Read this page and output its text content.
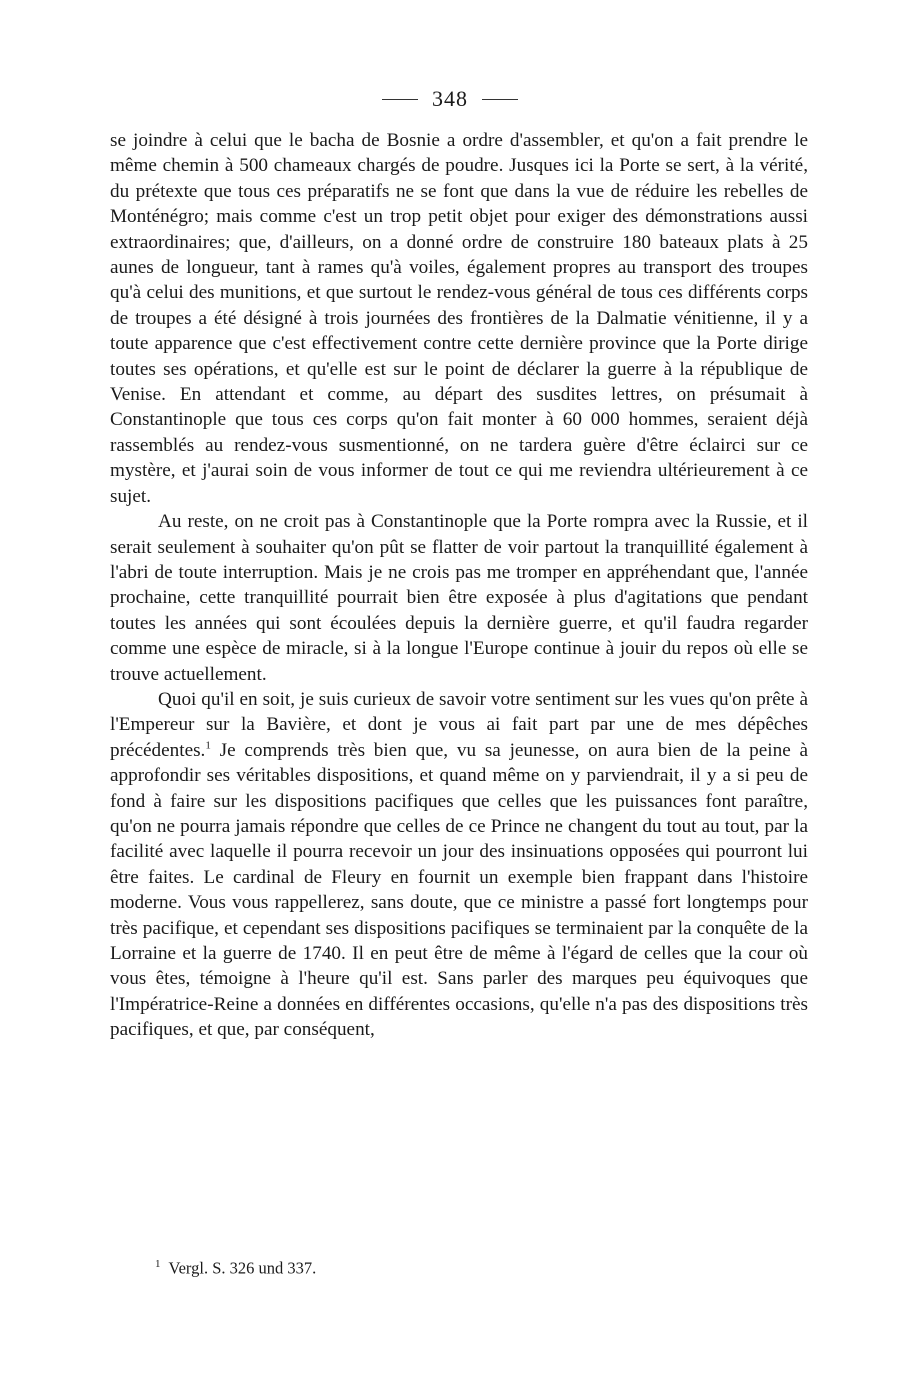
348

se joindre à celui que le bacha de Bosnie a ordre d'assembler, et qu'on a fait prendre le même chemin à 500 chameaux chargés de poudre. Jusques ici la Porte se sert, à la vérité, du prétexte que tous ces préparatifs ne se font que dans la vue de réduire les rebelles de Monténégro; mais comme c'est un trop petit objet pour exiger des démonstrations aussi extraordinaires; que, d'ailleurs, on a donné ordre de construire 180 bateaux plats à 25 aunes de longueur, tant à rames qu'à voiles, également propres au transport des troupes qu'à celui des munitions, et que surtout le rendez-vous général de tous ces différents corps de troupes a été désigné à trois journées des frontières de la Dalmatie vénitienne, il y a toute apparence que c'est effectivement contre cette dernière province que la Porte dirige toutes ses opérations, et qu'elle est sur le point de déclarer la guerre à la république de Venise. En attendant et comme, au départ des susdites lettres, on présumait à Constantinople que tous ces corps qu'on fait monter à 60 000 hommes, seraient déjà rassemblés au rendez-vous susmentionné, on ne tardera guère d'être éclairci sur ce mystère, et j'aurai soin de vous informer de tout ce qui me reviendra ultérieurement à ce sujet.

Au reste, on ne croit pas à Constantinople que la Porte rompra avec la Russie, et il serait seulement à souhaiter qu'on pût se flatter de voir partout la tranquillité également à l'abri de toute interruption. Mais je ne crois pas me tromper en appréhendant que, l'année prochaine, cette tranquillité pourrait bien être exposée à plus d'agitations que pendant toutes les années qui sont écoulées depuis la dernière guerre, et qu'il faudra regarder comme une espèce de miracle, si à la longue l'Europe continue à jouir du repos où elle se trouve actuellement.

Quoi qu'il en soit, je suis curieux de savoir votre sentiment sur les vues qu'on prête à l'Empereur sur la Bavière, et dont je vous ai fait part par une de mes dépêches précédentes.$^1$ Je comprends très bien que, vu sa jeunesse, on aura bien de la peine à approfondir ses véritables dispositions, et quand même on y parviendrait, il y a si peu de fond à faire sur les dispositions pacifiques que celles que les puissances font paraître, qu'on ne pourra jamais répondre que celles de ce Prince ne changent du tout au tout, par la facilité avec laquelle il pourra recevoir un jour des insinuations opposées qui pourront lui être faites. Le cardinal de Fleury en fournit un exemple bien frappant dans l'histoire moderne. Vous vous rappellerez, sans doute, que ce ministre a passé fort longtemps pour très pacifique, et cependant ses dispositions pacifiques se terminaient par la conquête de la Lorraine et la guerre de 1740. Il en peut être de même à l'égard de celles que la cour où vous êtes, témoigne à l'heure qu'il est. Sans parler des marques peu équivoques que l'Impératrice-Reine a données en différentes occasions, qu'elle n'a pas des dispositions très pacifiques, et que, par conséquent,

$^1$ Vergl. S. 326 und 337.
